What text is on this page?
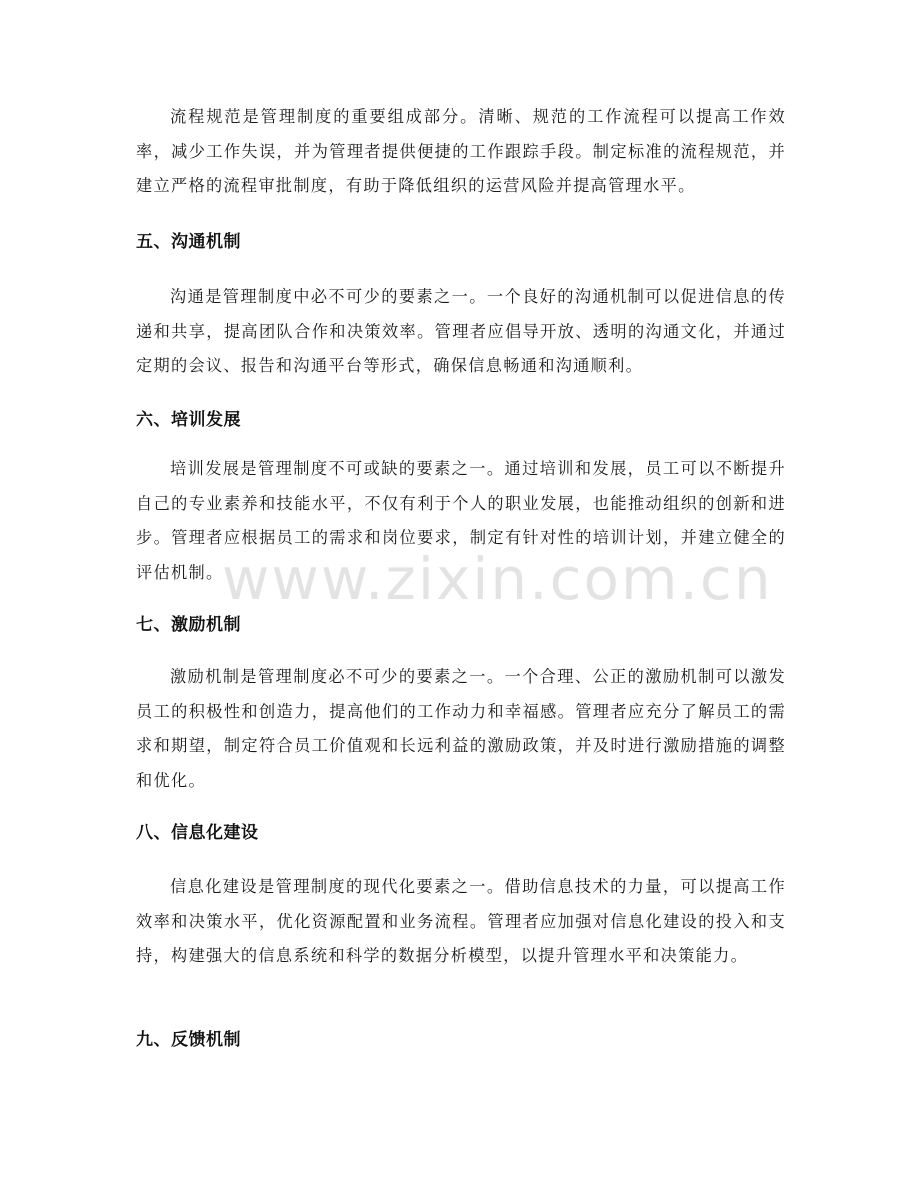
流程规范是管理制度的重要组成部分。清晰、规范的工作流程可以提高工作效率，减少工作失误，并为管理者提供便捷的工作跟踪手段。制定标准的流程规范，并建立严格的流程审批制度，有助于降低组织的运营风险并提高管理水平。

五、沟通机制

沟通是管理制度中必不可少的要素之一。一个良好的沟通机制可以促进信息的传递和共享，提高团队合作和决策效率。管理者应倡导开放、透明的沟通文化，并通过定期的会议、报告和沟通平台等形式，确保信息畅通和沟通顺利。

六、培训发展

培训发展是管理制度不可或缺的要素之一。通过培训和发展，员工可以不断提升自己的专业素养和技能水平，不仅有利于个人的职业发展，也能推动组织的创新和进步。管理者应根据员工的需求和岗位要求，制定有针对性的培训计划，并建立健全的评估机制。

七、激励机制

激励机制是管理制度必不可少的要素之一。一个合理、公正的激励机制可以激发员工的积极性和创造力，提高他们的工作动力和幸福感。管理者应充分了解员工的需求和期望，制定符合员工价值观和长远利益的激励政策，并及时进行激励措施的调整和优化。

八、信息化建设

信息化建设是管理制度的现代化要素之一。借助信息技术的力量，可以提高工作效率和决策水平，优化资源配置和业务流程。管理者应加强对信息化建设的投入和支持，构建强大的信息系统和科学的数据分析模型，以提升管理水平和决策能力。

九、反馈机制
www.zixin.com.cn
